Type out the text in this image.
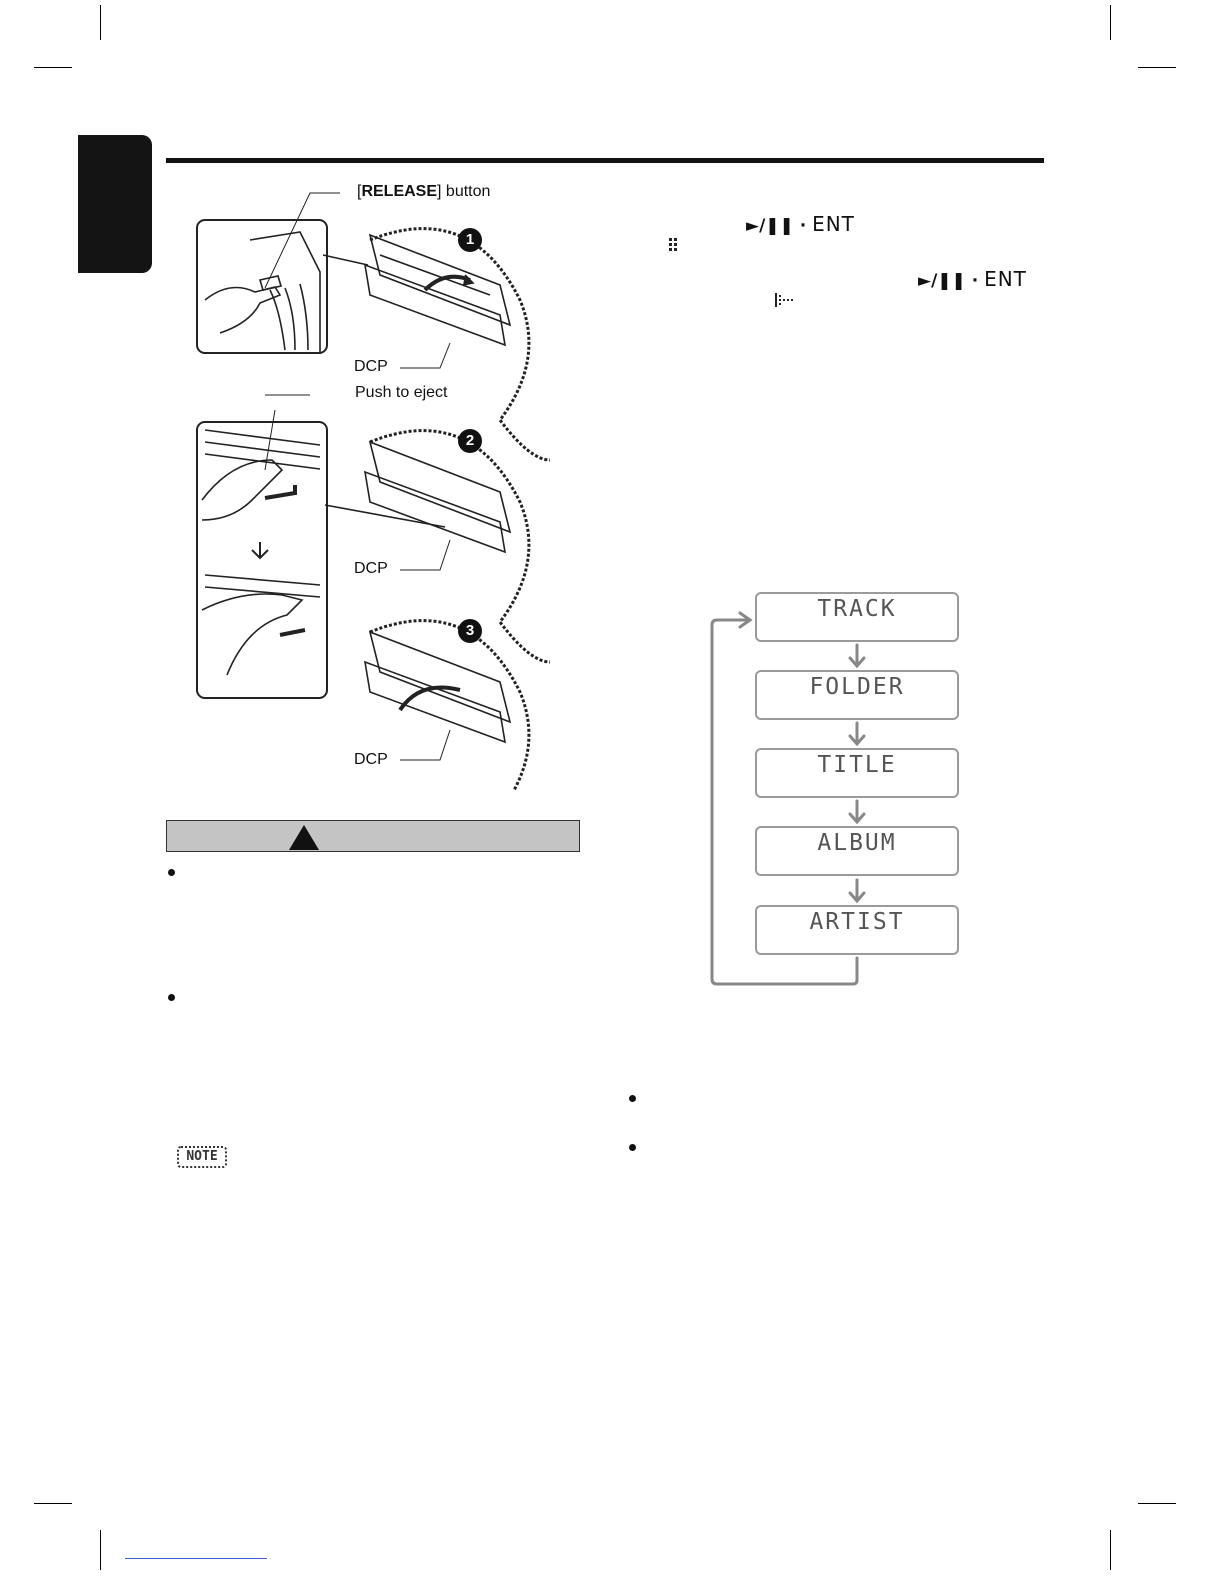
[RELEASE] button
Push to eject
DCP
DCP
DCP
1
2
3
NOTE
►/❚❚ · ENT
►/❚❚ · ENT
TRACK
FOLDER
TITLE
ALBUM
ARTIST
